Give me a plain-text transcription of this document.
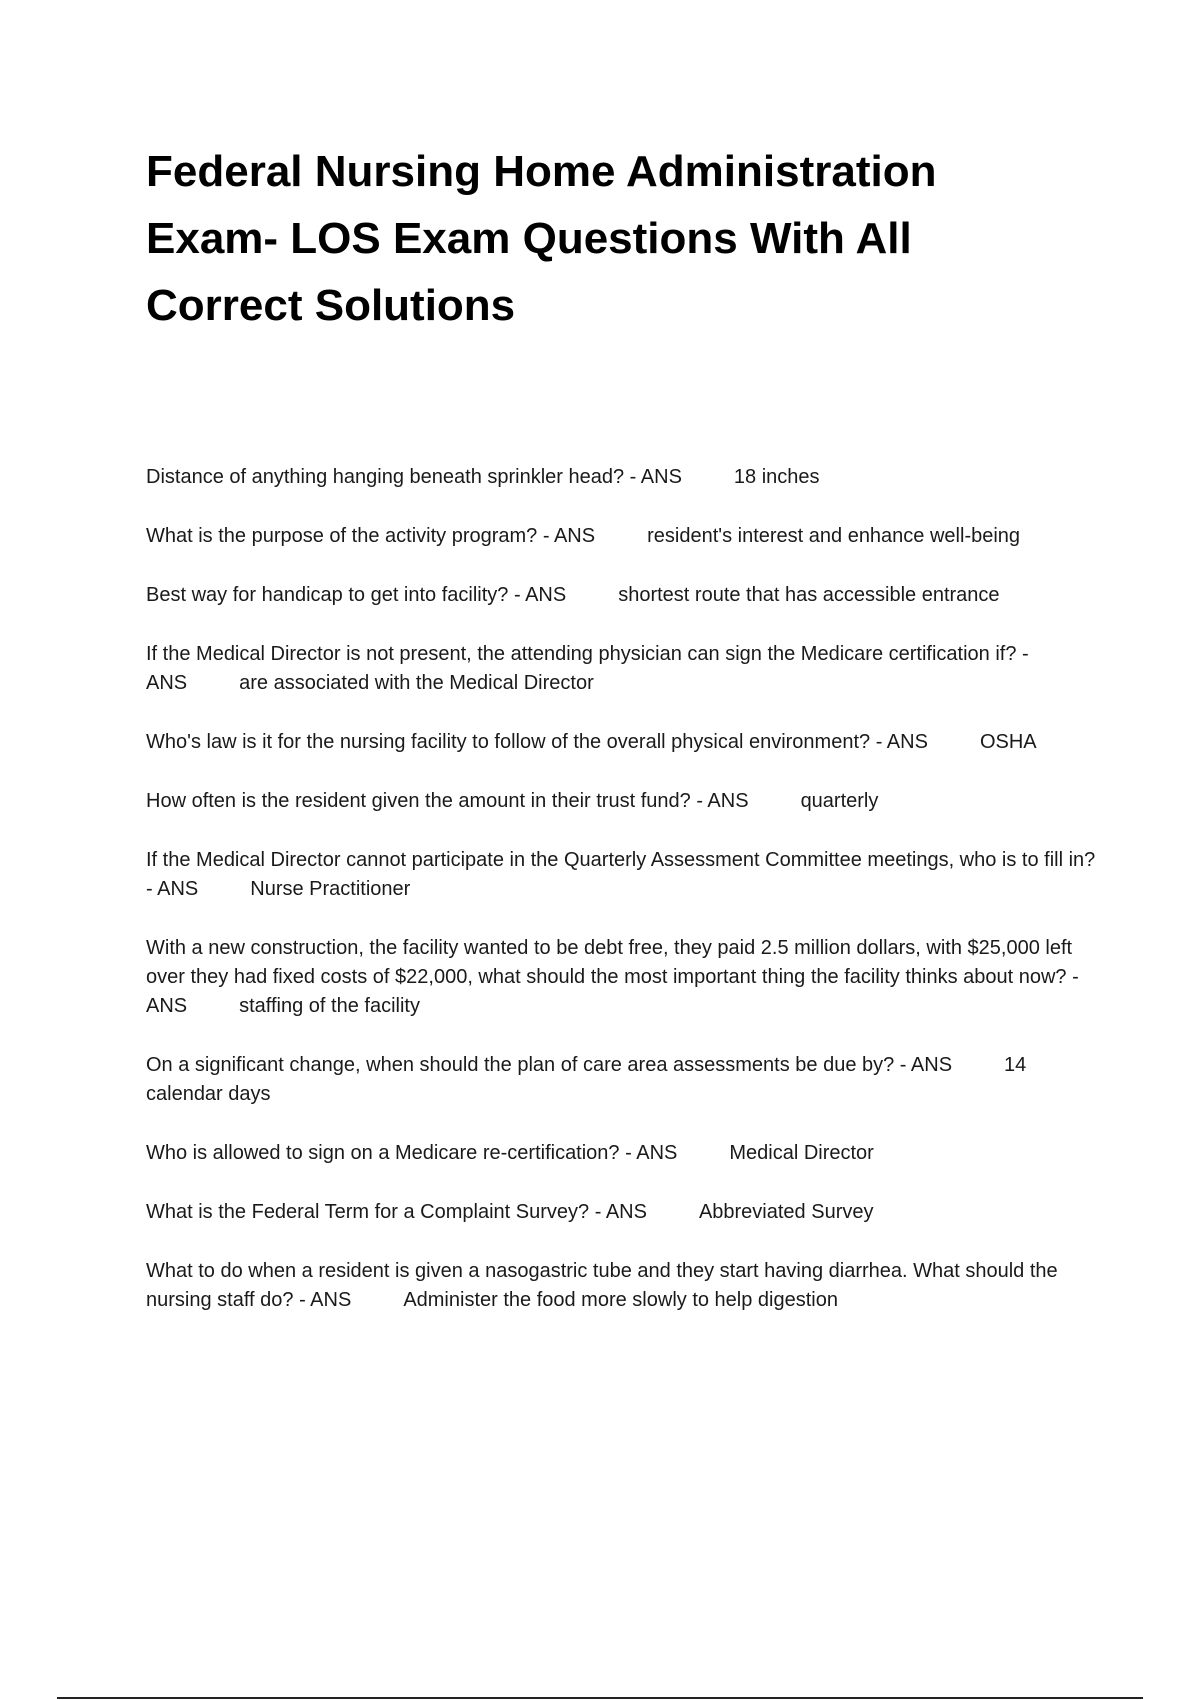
Federal Nursing Home Administration Exam- LOS Exam Questions With All Correct Solutions
Distance of anything hanging beneath sprinkler head? - ANS	18 inches
What is the purpose of the activity program? - ANS	resident's interest and enhance well-being
Best way for handicap to get into facility? - ANS	shortest route that has accessible entrance
If the Medical Director is not present, the attending physician can sign the Medicare certification if? - ANS	are associated with the Medical Director
Who's law is it for the nursing facility to follow of the overall physical environment? - ANS	OSHA
How often is the resident given the amount in their trust fund? - ANS	quarterly
If the Medical Director cannot participate in the Quarterly Assessment Committee meetings, who is to fill in? - ANS	Nurse Practitioner
With a new construction, the facility wanted to be debt free, they paid 2.5 million dollars, with $25,000 left over they had fixed costs of $22,000, what should the most important thing the facility thinks about now? - ANS	staffing of the facility
On a significant change, when should the plan of care area assessments be due by? - ANS	14 calendar days
Who is allowed to sign on a Medicare re-certification? - ANS	Medical Director
What is the Federal Term for a Complaint Survey? - ANS	Abbreviated Survey
What to do when a resident is given a nasogastric tube and they start having diarrhea. What should the nursing staff do? - ANS	Administer the food more slowly to help digestion
